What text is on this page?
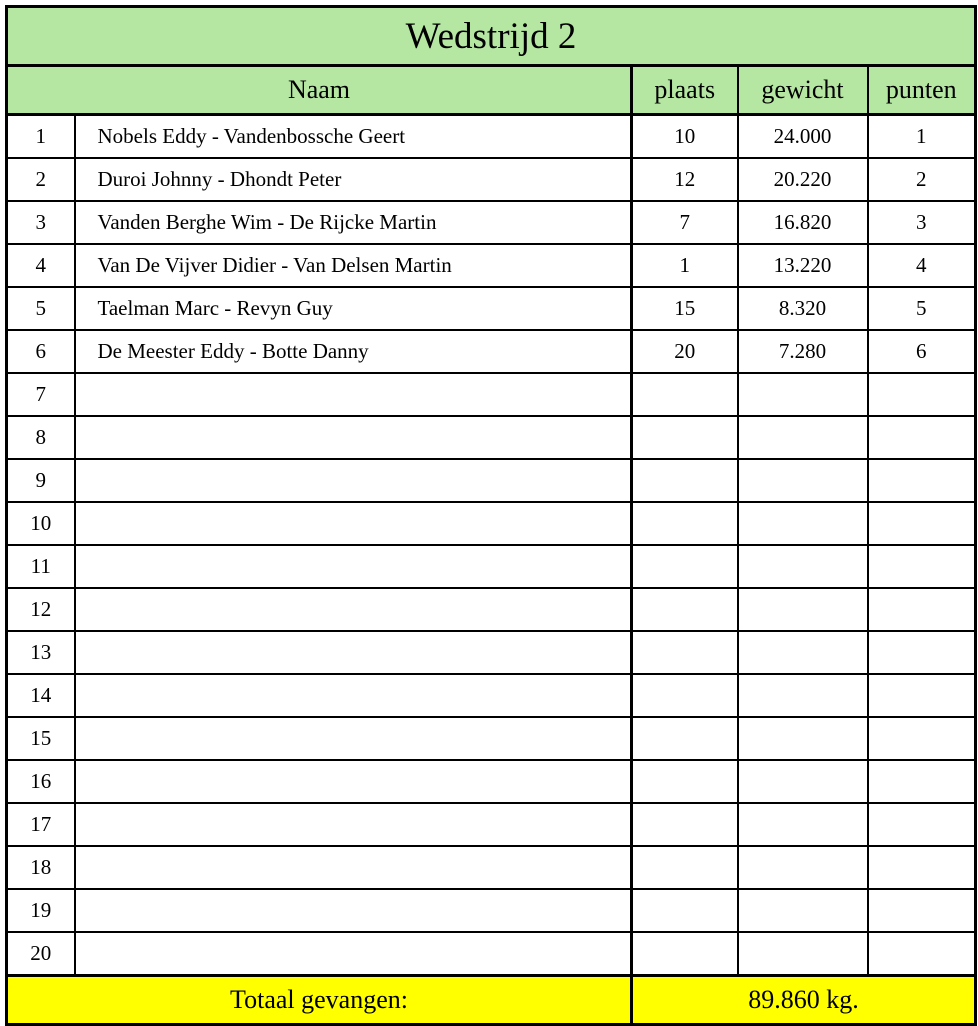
Wedstrijd 2				
Naam		plaats	gewicht	punten
1	Nobels Eddy - Vandenbossche Geert	10	24.000	1
2	Duroi Johnny - Dhondt Peter	12	20.220	2
3	Vanden Berghe Wim - De Rijcke Martin	7	16.820	3
4	Van De Vijver Didier - Van Delsen Martin	1	13.220	4
5	Taelman Marc - Revyn Guy	15	8.320	5
6	De Meester Eddy - Botte Danny	20	7.280	6
7				
8				
9				
10				
11				
12				
13				
14				
15				
16				
17				
18				
19				
20				
Totaal gevangen:		89.860 kg.		
